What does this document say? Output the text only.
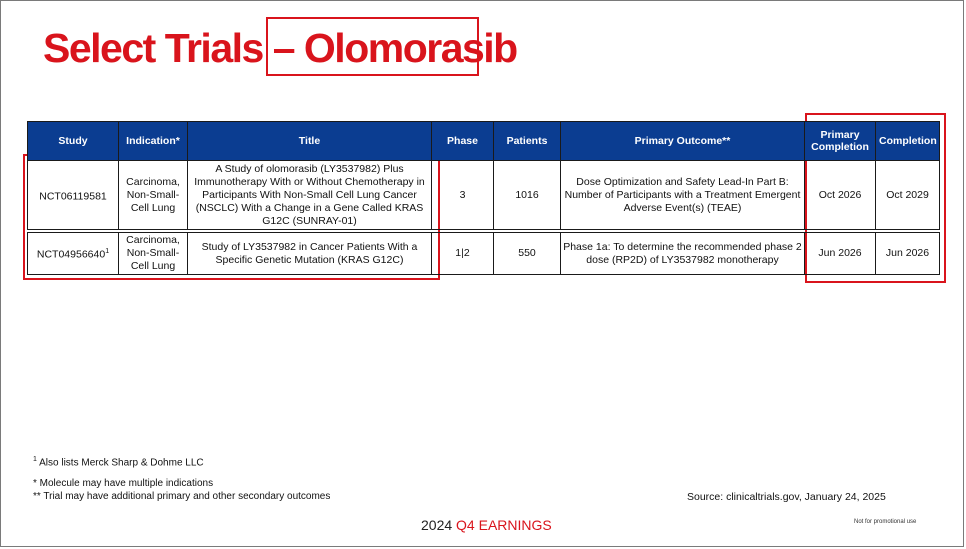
Select Trials – Olomorasib
Study	Indication*	Title	Phase	Patients	Primary Outcome**	Primary Completion	Completion
NCT06119581	Carcinoma, Non-Small-Cell Lung	A Study of olomorasib (LY3537982) Plus Immunotherapy With or Without Chemotherapy in Participants With Non-Small Cell Lung Cancer (NSCLC) With a Change in a Gene Called KRAS G12C (SUNRAY-01)	3	1016	Dose Optimization and Safety Lead-In Part B: Number of Participants with a Treatment Emergent Adverse Event(s) (TEAE)	Oct 2026	Oct 2029

NCT04956640$^1$	Carcinoma, Non-Small-Cell Lung	Study of LY3537982 in Cancer Patients With a Specific Genetic Mutation (KRAS G12C)	1|2	550	Phase 1a: To determine the recommended phase 2 dose (RP2D) of LY3537982 monotherapy	Jun 2026	Jun 2026
$^1$ Also lists Merck Sharp & Dohme LLC
* Molecule may have multiple indications
** Trial may have additional primary and other secondary outcomes	Source: clinicaltrials.gov, January 24, 2025
2024 Q4 EARNINGS	Not for promotional use
